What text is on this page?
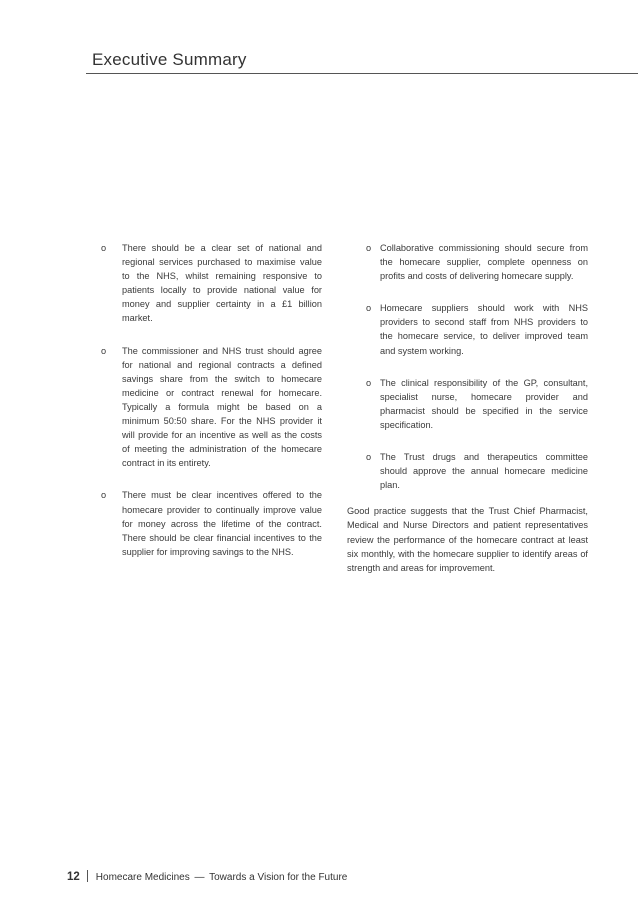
Executive Summary
o There should be a clear set of national and regional services purchased to maximise value to the NHS, whilst remaining responsive to patients locally to provide national value for money and supplier certainty in a £1 billion market.
o The commissioner and NHS trust should agree for national and regional contracts a defined savings share from the switch to homecare medicine or contract renewal for homecare. Typically a formula might be based on a minimum 50:50 share. For the NHS provider it will provide for an incentive as well as the costs of meeting the administration of the homecare contract in its entirety.
o There must be clear incentives offered to the homecare provider to continually improve value for money across the lifetime of the contract. There should be clear financial incentives to the supplier for improving savings to the NHS.
o Collaborative commissioning should secure from the homecare supplier, complete openness on profits and costs of delivering homecare supply.
o Homecare suppliers should work with NHS providers to second staff from NHS providers to the homecare service, to deliver improved team and system working.
o The clinical responsibility of the GP, consultant, specialist nurse, homecare provider and pharmacist should be specified in the service specification.
o The Trust drugs and therapeutics committee should approve the annual homecare medicine plan.

Good practice suggests that the Trust Chief Pharmacist, Medical and Nurse Directors and patient representatives review the performance of the homecare contract at least six monthly, with the homecare supplier to identify areas of strength and areas for improvement.

12 Homecare Medicines — Towards a Vision for the Future
